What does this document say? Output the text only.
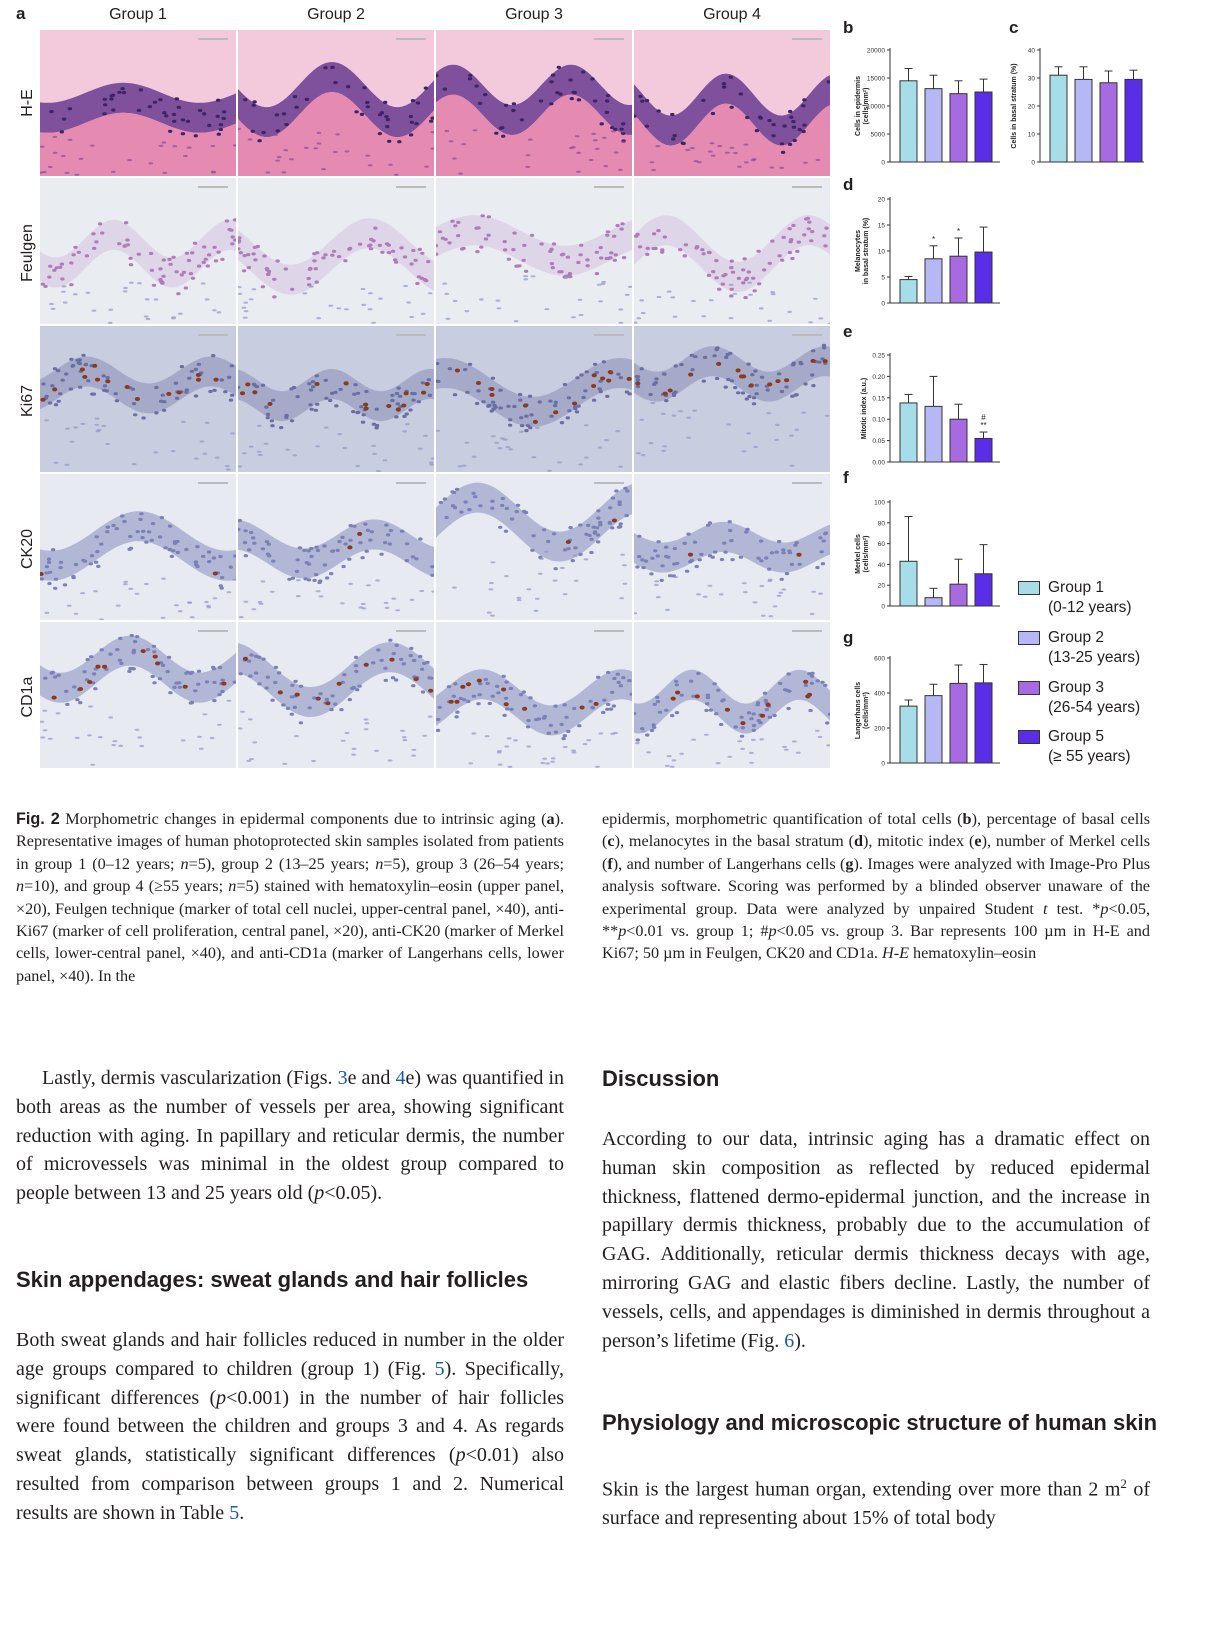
a	Group 1	Group 2	Group 3	Group 4
H-E
Feulgen
Ki67
CK20
CD1a
b
0
5000
10000
15000
20000
Cells in epidermis (cells/mm²)
c
0
10
20
30
40
Cells in basal stratum (%)
d
0
5
10
15
20
Melanocytes in basal stratum (%)	*
*
e
0.00
0.05
0.10
0.15
0.20
0.25
Mitotic index (a.u.)	#
**
f
0
20
40
60
80
100
Merkel cells (cells/mm²)
g
0
200
400
600
Langerhans cells (cells/mm²)
Group 1
(0-12 years)
Group 2
(13-25 years)
Group 3
(26-54 years)
Group 5
(≥ 55 years)
Fig. 2 Morphometric changes in epidermal components due to intrinsic aging (a). Representative images of human photoprotected skin samples isolated from patients in group 1 (0–12 years; n=5), group 2 (13–25 years; n=5), group 3 (26–54 years; n=10), and group 4 (≥55 years; n=5) stained with hematoxylin–eosin (upper panel, ×20), Feulgen technique (marker of total cell nuclei, upper-central panel, ×40), anti-Ki67 (marker of cell proliferation, central panel, ×20), anti-CK20 (marker of Merkel cells, lower-central panel, ×40), and anti-CD1a (marker of Langerhans cells, lower panel, ×40). In the
epidermis, morphometric quantification of total cells (b), percentage of basal cells (c), melanocytes in the basal stratum (d), mitotic index (e), number of Merkel cells (f), and number of Langerhans cells (g). Images were analyzed with Image-Pro Plus analysis software. Scoring was performed by a blinded observer unaware of the experimental group. Data were analyzed by unpaired Student t test. *p<0.05, **p<0.01 vs. group 1; #p<0.05 vs. group 3. Bar represents 100 µm in H-E and Ki67; 50 µm in Feulgen, CK20 and CD1a. H-E hematoxylin–eosin
Lastly, dermis vascularization (Figs. 3e and 4e) was quantified in both areas as the number of vessels per area, showing significant reduction with aging. In papillary and reticular dermis, the number of microvessels was minimal in the oldest group compared to people between 13 and 25 years old (p<0.05).
Skin appendages: sweat glands and hair follicles
Both sweat glands and hair follicles reduced in number in the older age groups compared to children (group 1) (Fig. 5). Specifically, significant differences (p<0.001) in the number of hair follicles were found between the children and groups 3 and 4. As regards sweat glands, statistically significant differences (p<0.01) also resulted from comparison between groups 1 and 2. Numerical results are shown in Table 5.
Discussion
According to our data, intrinsic aging has a dramatic effect on human skin composition as reflected by reduced epidermal thickness, flattened dermo-epidermal junction, and the increase in papillary dermis thickness, probably due to the accumulation of GAG. Additionally, reticular dermis thickness decays with age, mirroring GAG and elastic fibers decline. Lastly, the number of vessels, cells, and appendages is diminished in dermis throughout a person’s lifetime (Fig. 6).
Physiology and microscopic structure of human skin
Skin is the largest human organ, extending over more than 2 $m^2$ of surface and representing about 15% of total body
